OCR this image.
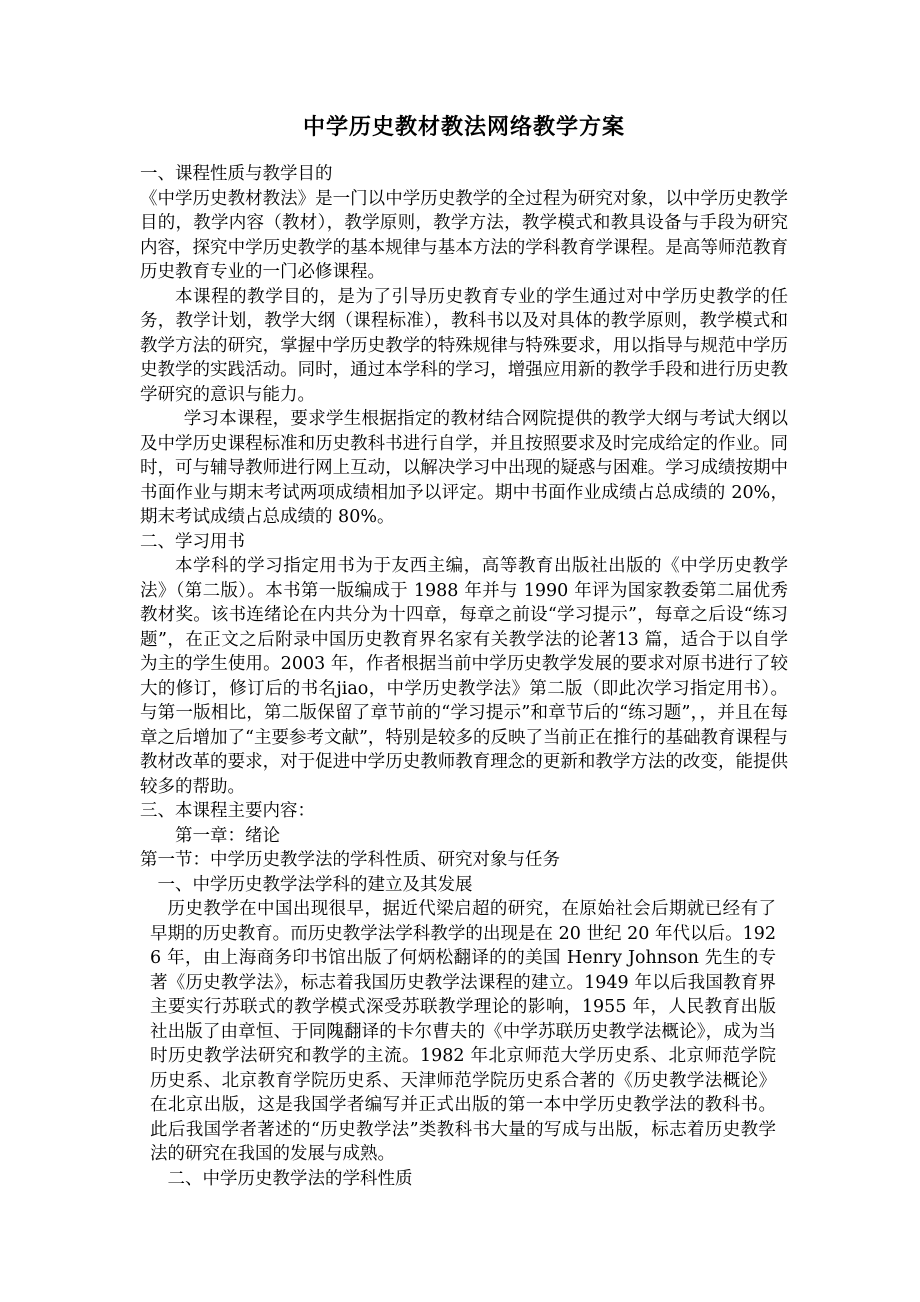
中学历史教材教法网络教学方案

一、课程性质与教学目的

《中学历史教材教法》是一门以中学历史教学的全过程为研究对象，以中学历史教学目的，教学内容（教材），教学原则，教学方法，教学模式和教具设备与手段为研究内容，探究中学历史教学的基本规律与基本方法的学科教育学课程。是高等师范教育历史教育专业的一门必修课程。

本课程的教学目的，是为了引导历史教育专业的学生通过对中学历史教学的任务，教学计划，教学大纲（课程标准），教科书以及对具体的教学原则，教学模式和教学方法的研究，掌握中学历史教学的特殊规律与特殊要求，用以指导与规范中学历史教学的实践活动。同时，通过本学科的学习，增强应用新的教学手段和进行历史教学研究的意识与能力。

学习本课程，要求学生根据指定的教材结合网院提供的教学大纲与考试大纲以及中学历史课程标准和历史教科书进行自学，并且按照要求及时完成给定的作业。同时，可与辅导教师进行网上互动，以解决学习中出现的疑惑与困难。学习成绩按期中书面作业与期末考试两项成绩相加予以评定。期中书面作业成绩占总成绩的 20%，期末考试成绩占总成绩的 80%。

二、学习用书

本学科的学习指定用书为于友西主编，高等教育出版社出版的《中学历史教学法》（第二版）。本书第一版编成于 1988 年并与 1990 年评为国家教委第二届优秀教材奖。该书连绪论在内共分为十四章，每章之前设“学习提示”，每章之后设“练习题”，在正文之后附录中国历史教育界名家有关教学法的论著13 篇，适合于以自学为主的学生使用。2003 年，作者根据当前中学历史教学发展的要求对原书进行了较大的修订，修订后的书名jiao，中学历史教学法》第二版（即此次学习指定用书）。与第一版相比，第二版保留了章节前的“学习提示”和章节后的“练习题”，，并且在每章之后增加了“主要参考文献”，特别是较多的反映了当前正在推行的基础教育课程与教材改革的要求，对于促进中学历史教师教育理念的更新和教学方法的改变，能提供较多的帮助。

三、本课程主要内容：

第一章：绪论

第一节：中学历史教学法的学科性质、研究对象与任务

一、中学历史教学法学科的建立及其发展

历史教学在中国出现很早，据近代梁启超的研究，在原始社会后期就已经有了早期的历史教育。而历史教学法学科教学的出现是在 20 世纪 20 年代以后。1926 年，由上海商务印书馆出版了何炳松翻译的的美国 Henry Johnson 先生的专著《历史教学法》，标志着我国历史教学法课程的建立。1949 年以后我国教育界主要实行苏联式的教学模式深受苏联教学理论的影响，1955 年，人民教育出版社出版了由章恒、于同隗翻译的卡尔曹夫的《中学苏联历史教学法概论》，成为当时历史教学法研究和教学的主流。1982 年北京师范大学历史系、北京师范学院历史系、北京教育学院历史系、天津师范学院历史系合著的《历史教学法概论》在北京出版，这是我国学者编写并正式出版的第一本中学历史教学法的教科书。此后我国学者著述的“历史教学法”类教科书大量的写成与出版，标志着历史教学法的研究在我国的发展与成熟。

二、中学历史教学法的学科性质
